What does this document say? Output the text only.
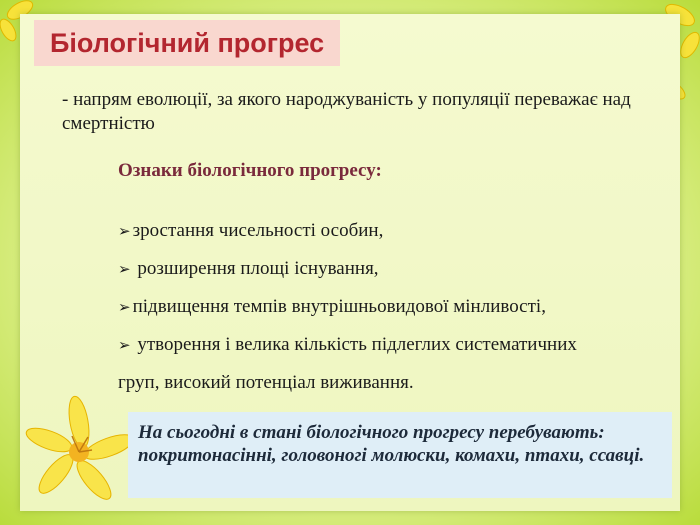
Біологічний прогрес
- напрям еволюції, за якого народжуваність у популяції переважає над смертністю
Ознаки біологічного прогресу:
➢ зростання чисельності особин,
➢ розширення площі існування,
➢ підвищення темпів внутрішньовидової мінливості,
➢ утворення і велика кількість підлеглих систематичних
груп, високий потенціал виживання.
На сьогодні в стані біологічного прогресу перебувають: покритонасінні, головоногі молюски, комахи, птахи, ссавці.
